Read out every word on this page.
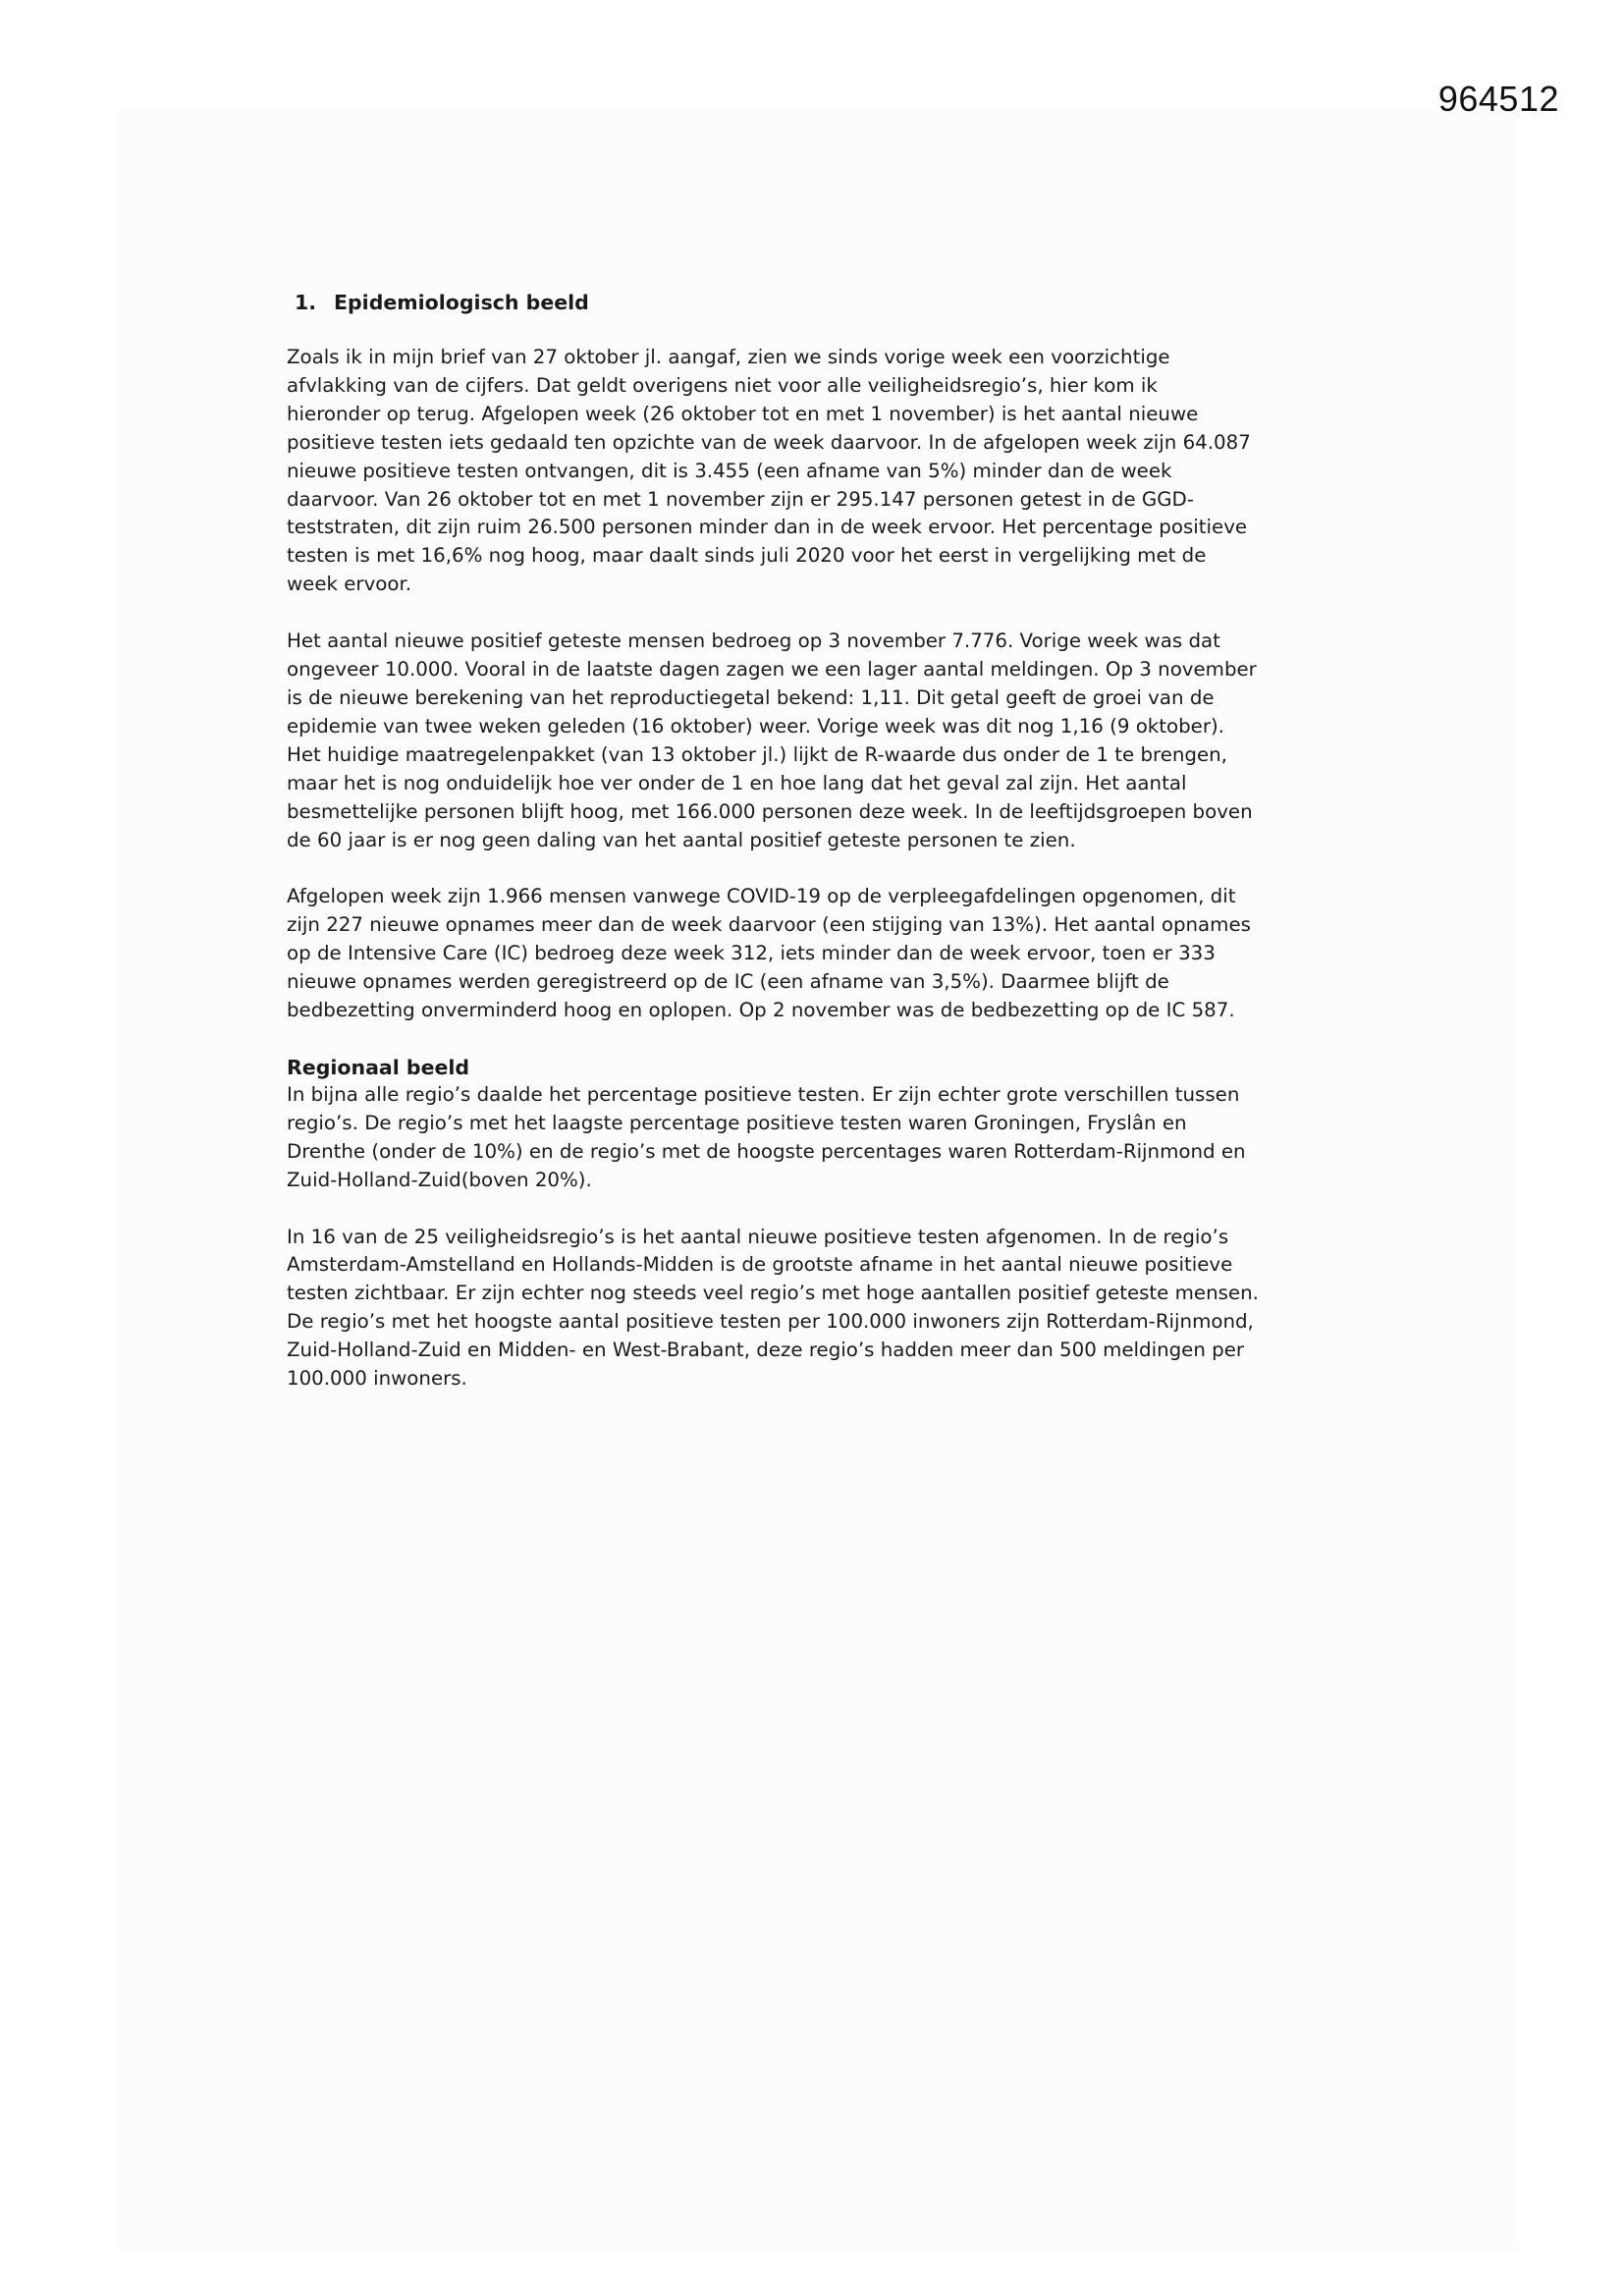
964512
1. Epidemiologisch beeld

Zoals ik in mijn brief van 27 oktober jl. aangaf, zien we sinds vorige week een voorzichtige
afvlakking van de cijfers. Dat geldt overigens niet voor alle veiligheidsregio’s, hier kom ik
hieronder op terug. Afgelopen week (26 oktober tot en met 1 november) is het aantal nieuwe
positieve testen iets gedaald ten opzichte van de week daarvoor. In de afgelopen week zijn 64.087
nieuwe positieve testen ontvangen, dit is 3.455 (een afname van 5%) minder dan de week
daarvoor. Van 26 oktober tot en met 1 november zijn er 295.147 personen getest in de GGD-
teststraten, dit zijn ruim 26.500 personen minder dan in de week ervoor. Het percentage positieve
testen is met 16,6% nog hoog, maar daalt sinds juli 2020 voor het eerst in vergelijking met de
week ervoor.

Het aantal nieuwe positief geteste mensen bedroeg op 3 november 7.776. Vorige week was dat
ongeveer 10.000. Vooral in de laatste dagen zagen we een lager aantal meldingen. Op 3 november
is de nieuwe berekening van het reproductiegetal bekend: 1,11. Dit getal geeft de groei van de
epidemie van twee weken geleden (16 oktober) weer. Vorige week was dit nog 1,16 (9 oktober).
Het huidige maatregelenpakket (van 13 oktober jl.) lijkt de R-waarde dus onder de 1 te brengen,
maar het is nog onduidelijk hoe ver onder de 1 en hoe lang dat het geval zal zijn. Het aantal
besmettelijke personen blijft hoog, met 166.000 personen deze week. In de leeftijdsgroepen boven
de 60 jaar is er nog geen daling van het aantal positief geteste personen te zien.

Afgelopen week zijn 1.966 mensen vanwege COVID-19 op de verpleegafdelingen opgenomen, dit
zijn 227 nieuwe opnames meer dan de week daarvoor (een stijging van 13%). Het aantal opnames
op de Intensive Care (IC) bedroeg deze week 312, iets minder dan de week ervoor, toen er 333
nieuwe opnames werden geregistreerd op de IC (een afname van 3,5%). Daarmee blijft de
bedbezetting onverminderd hoog en oplopen. Op 2 november was de bedbezetting op de IC 587.

Regionaal beeld

In bijna alle regio’s daalde het percentage positieve testen. Er zijn echter grote verschillen tussen
regio’s. De regio’s met het laagste percentage positieve testen waren Groningen, Fryslân en
Drenthe (onder de 10%) en de regio’s met de hoogste percentages waren Rotterdam-Rijnmond en
Zuid-Holland-Zuid(boven 20%).

In 16 van de 25 veiligheidsregio’s is het aantal nieuwe positieve testen afgenomen. In de regio’s
Amsterdam-Amstelland en Hollands-Midden is de grootste afname in het aantal nieuwe positieve
testen zichtbaar. Er zijn echter nog steeds veel regio’s met hoge aantallen positief geteste mensen.
De regio’s met het hoogste aantal positieve testen per 100.000 inwoners zijn Rotterdam-Rijnmond,
Zuid-Holland-Zuid en Midden- en West-Brabant, deze regio’s hadden meer dan 500 meldingen per
100.000 inwoners.
